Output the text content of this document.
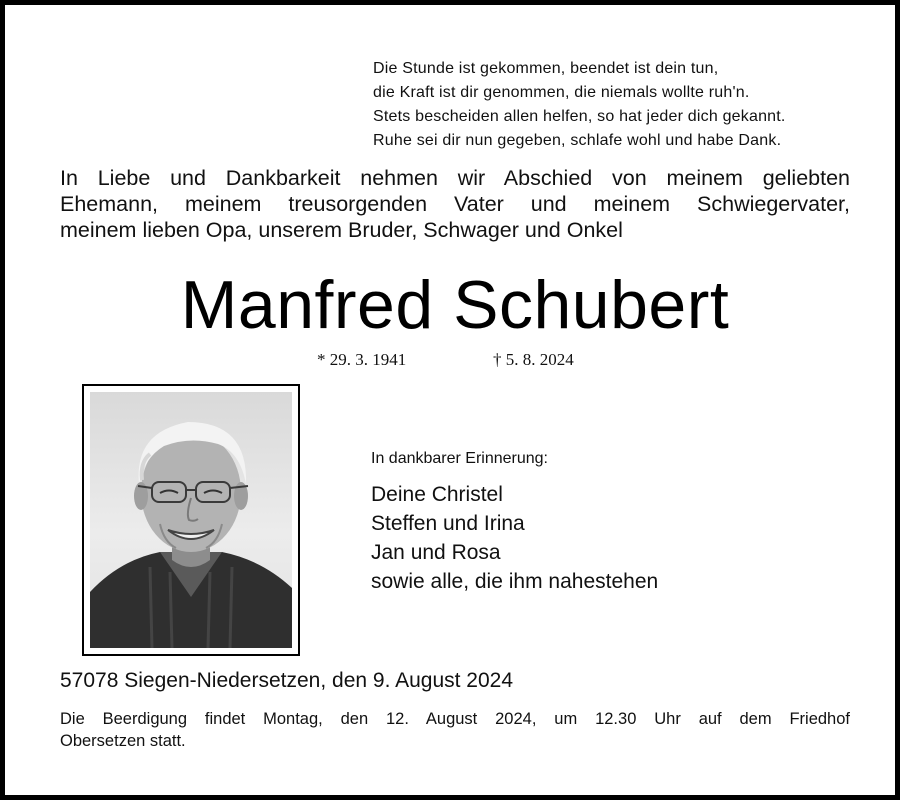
Die Stunde ist gekommen, beendet ist dein tun,
die Kraft ist dir genommen, die niemals wollte ruh'n.
Stets bescheiden allen helfen, so hat jeder dich gekannt.
Ruhe sei dir nun gegeben, schlafe wohl und habe Dank.
In Liebe und Dankbarkeit nehmen wir Abschied von meinem geliebten
Ehemann, meinem treusorgenden Vater und meinem Schwiegervater,
meinem lieben Opa, unserem Bruder, Schwager und Onkel
Manfred Schubert
* 29. 3. 1941	† 5. 8. 2024
In dankbarer Erinnerung:
Deine Christel
Steffen und Irina
Jan und Rosa
sowie alle, die ihm nahestehen
57078 Siegen-Niedersetzen, den 9. August 2024
Die Beerdigung findet Montag, den 12. August 2024, um 12.30 Uhr auf dem Friedhof
Obersetzen statt.
